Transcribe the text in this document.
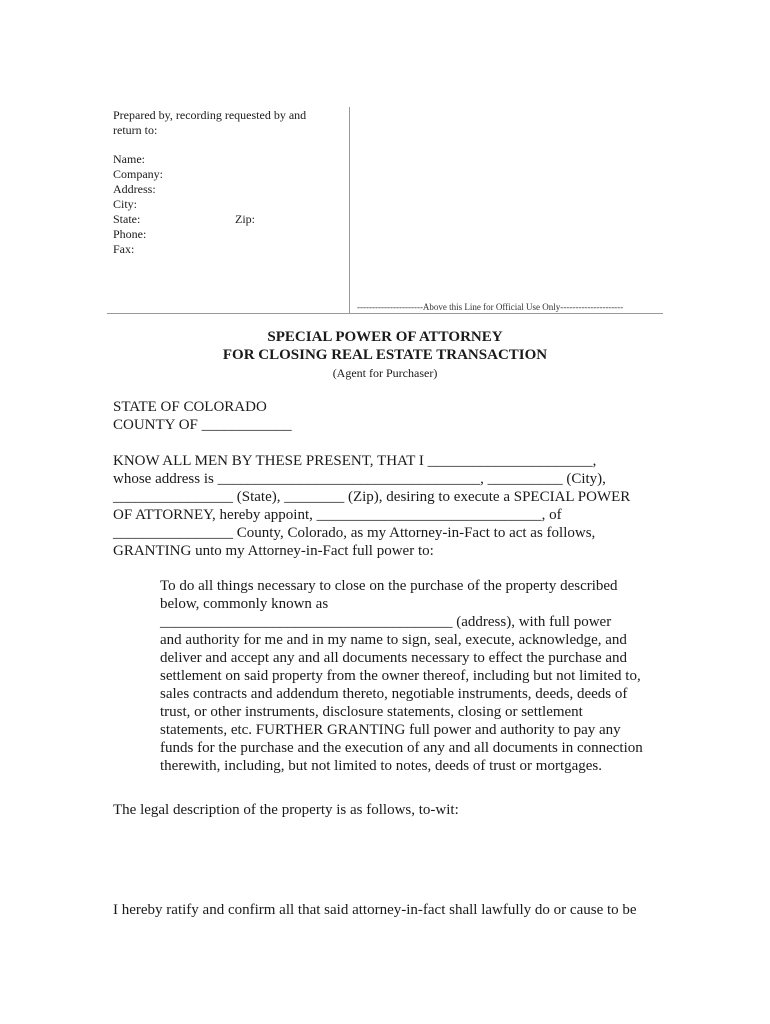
Prepared by, recording requested by and
return to:
Name:
Company:
Address:
City:
State:	Zip:
Phone:
Fax:
----------------------Above this Line for Official Use Only---------------------
SPECIAL POWER OF ATTORNEY
FOR CLOSING REAL ESTATE TRANSACTION
(Agent for Purchaser)
STATE OF COLORADO
COUNTY OF ____________
KNOW ALL MEN BY THESE PRESENT, THAT I ______________________,
whose address is ___________________________________, __________ (City),
________________ (State), ________ (Zip), desiring to execute a SPECIAL POWER
OF ATTORNEY, hereby appoint, ______________________________, of
________________ County, Colorado, as my Attorney-in-Fact to act as follows,
GRANTING unto my Attorney-in-Fact full power to:
To do all things necessary to close on the purchase of the property described
below, commonly known as
_______________________________________ (address), with full power
and authority for me and in my name to sign, seal, execute, acknowledge, and
deliver and accept any and all documents necessary to effect the purchase and
settlement on said property from the owner thereof, including but not limited to,
sales contracts and addendum thereto, negotiable instruments, deeds, deeds of
trust, or other instruments, disclosure statements, closing or settlement
statements, etc. FURTHER GRANTING full power and authority to pay any
funds for the purchase and the execution of any and all documents in connection
therewith, including, but not limited to notes, deeds of trust or mortgages.
The legal description of the property is as follows, to-wit:
I hereby ratify and confirm all that said attorney-in-fact shall lawfully do or cause to be
